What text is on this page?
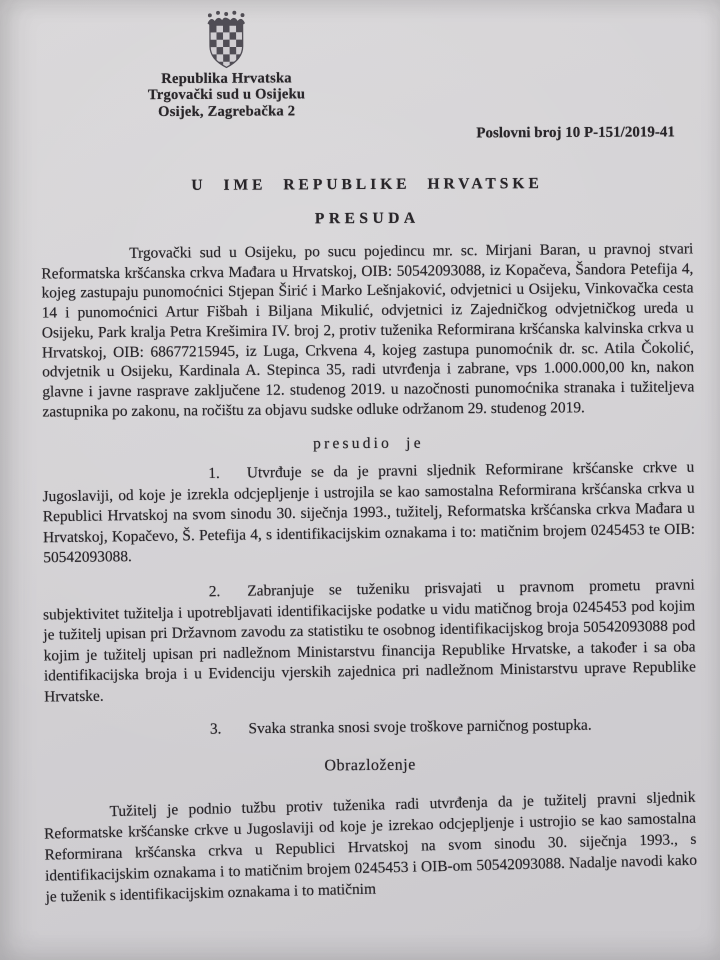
Republika Hrvatska
Trgovački sud u Osijeku
Osijek, Zagrebačka 2
Poslovni broj 10 P-151/2019-41
U IME REPUBLIKE HRVATSKE
PRESUDA

Trgovački sud u Osijeku, po sucu pojedincu mr. sc. Mirjani Baran, u pravnoj stvari Reformatska kršćanska crkva Mađara u Hrvatskoj, OIB: 50542093088, iz Kopačeva, Šandora Petefija 4, kojeg zastupaju punomoćnici Stjepan Širić i Marko Lešnjaković, odvjetnici u Osijeku, Vinkovačka cesta 14 i punomoćnici Artur Fišbah i Biljana Mikulić, odvjetnici iz Zajedničkog odvjetničkog ureda u Osijeku, Park kralja Petra Krešimira IV. broj 2, protiv tuženika Reformirana kršćanska kalvinska crkva u Hrvatskoj, OIB: 68677215945, iz Luga, Crkvena 4, kojeg zastupa punomoćnik dr. sc. Atila Čokolić, odvjetnik u Osijeku, Kardinala A. Stepinca 35, radi utvrđenja i zabrane, vps 1.000.000,00 kn, nakon glavne i javne rasprave zaključene 12. studenog 2019. u nazočnosti punomoćnika stranaka i tužiteljeva zastupnika po zakonu, na ročištu za objavu sudske odluke održanom 29. studenog 2019.

presudio je

1. Utvrđuje se da je pravni sljednik Reformirane kršćanske crkve u Jugoslaviji, od koje je izrekla odcjepljenje i ustrojila se kao samostalna Reformirana kršćanska crkva u Republici Hrvatskoj na svom sinodu 30. siječnja 1993., tužitelj, Reformatska kršćanska crkva Mađara u Hrvatskoj, Kopačevo, Š. Petefija 4, s identifikacijskim oznakama i to: matičnim brojem 0245453 te OIB: 50542093088.

2. Zabranjuje se tuženiku prisvajati u pravnom prometu pravni subjektivitet tužitelja i upotrebljavati identifikacijske podatke u vidu matičnog broja 0245453 pod kojim je tužitelj upisan pri Državnom zavodu za statistiku te osobnog identifikacijskog broja 50542093088 pod kojim je tužitelj upisan pri nadležnom Ministarstvu financija Republike Hrvatske, a također i sa oba identifikacijska broja i u Evidenciju vjerskih zajednica pri nadležnom Ministarstvu uprave Republike Hrvatske.

3. Svaka stranka snosi svoje troškove parničnog postupka.

Obrazloženje

Tužitelj je podnio tužbu protiv tuženika radi utvrđenja da je tužitelj pravni sljednik Reformatske kršćanske crkve u Jugoslaviji od koje je izrekao odcjepljenje i ustrojio se kao samostalna Reformirana kršćanska crkva u Republici Hrvatskoj na svom sinodu 30. siječnja 1993., s identifikacijskim oznakama i to matičnim brojem 0245453 i OIB-om 50542093088. Nadalje navodi kako je tuženik s identifikacijskim oznakama i to matičnim
